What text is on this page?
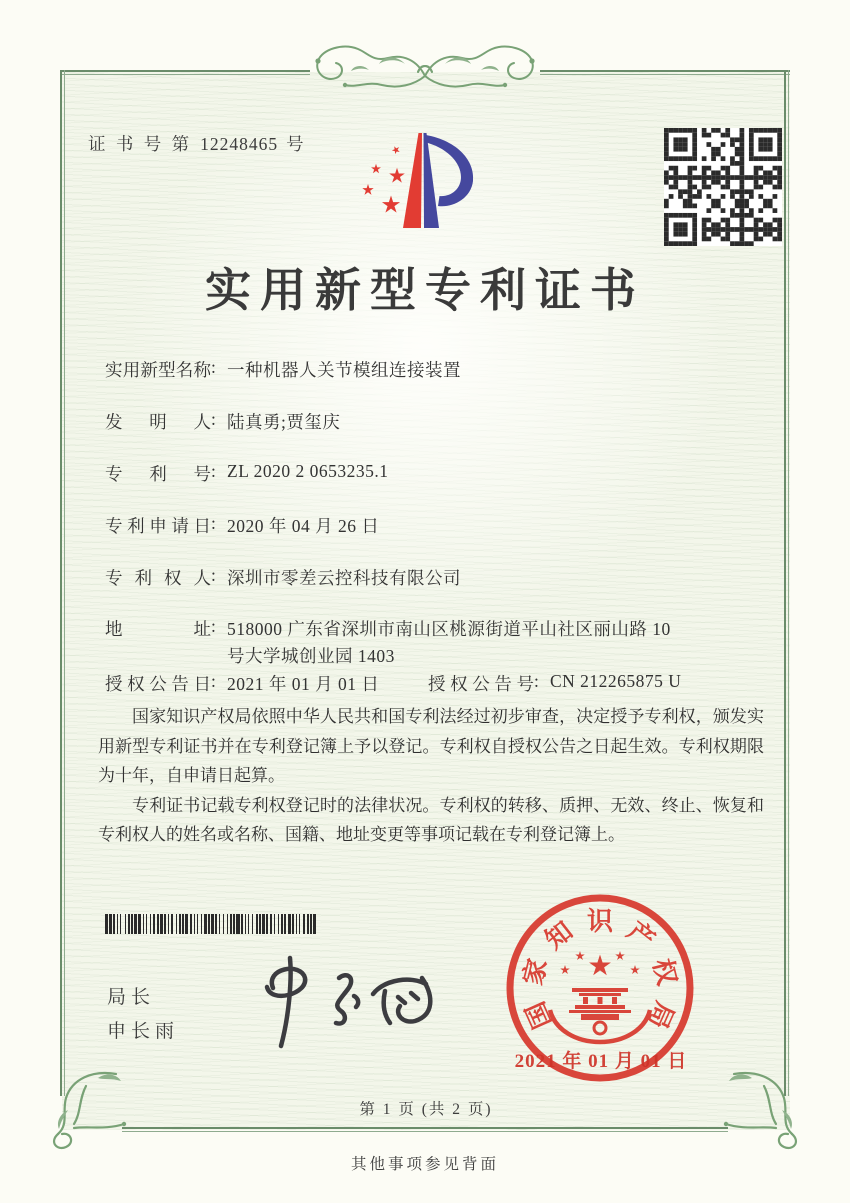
证 书 号 第 12248465 号
实用新型专利证书
实用新型名称 : 一种机器人关节模组连接装置
发明人 : 陆真勇;贾玺庆
专利号 : ZL 2020 2 0653235.1
专利申请日 : 2020 年 04 月 26 日
专利权人 : 深圳市零差云控科技有限公司
地址 : 518000 广东省深圳市南山区桃源街道平山社区丽山路 10 号大学城创业园 1403
授权公告日 : 2021 年 01 月 01 日	授权公告号 : CN 212265875 U

国家知识产权局依照中华人民共和国专利法经过初步审查，决定授予专利权，颁发实用新型专利证书并在专利登记簿上予以登记。专利权自授权公告之日起生效。专利权期限为十年，自申请日起算。

专利证书记载专利权登记时的法律状况。专利权的转移、质押、无效、终止、恢复和专利权人的姓名或名称、国籍、地址变更等事项记载在专利登记簿上。

局长
申长雨	国
家
知 识 产
权
局
2021 年 01 月 01 日
第 1 页 (共 2 页)
其他事项参见背面
